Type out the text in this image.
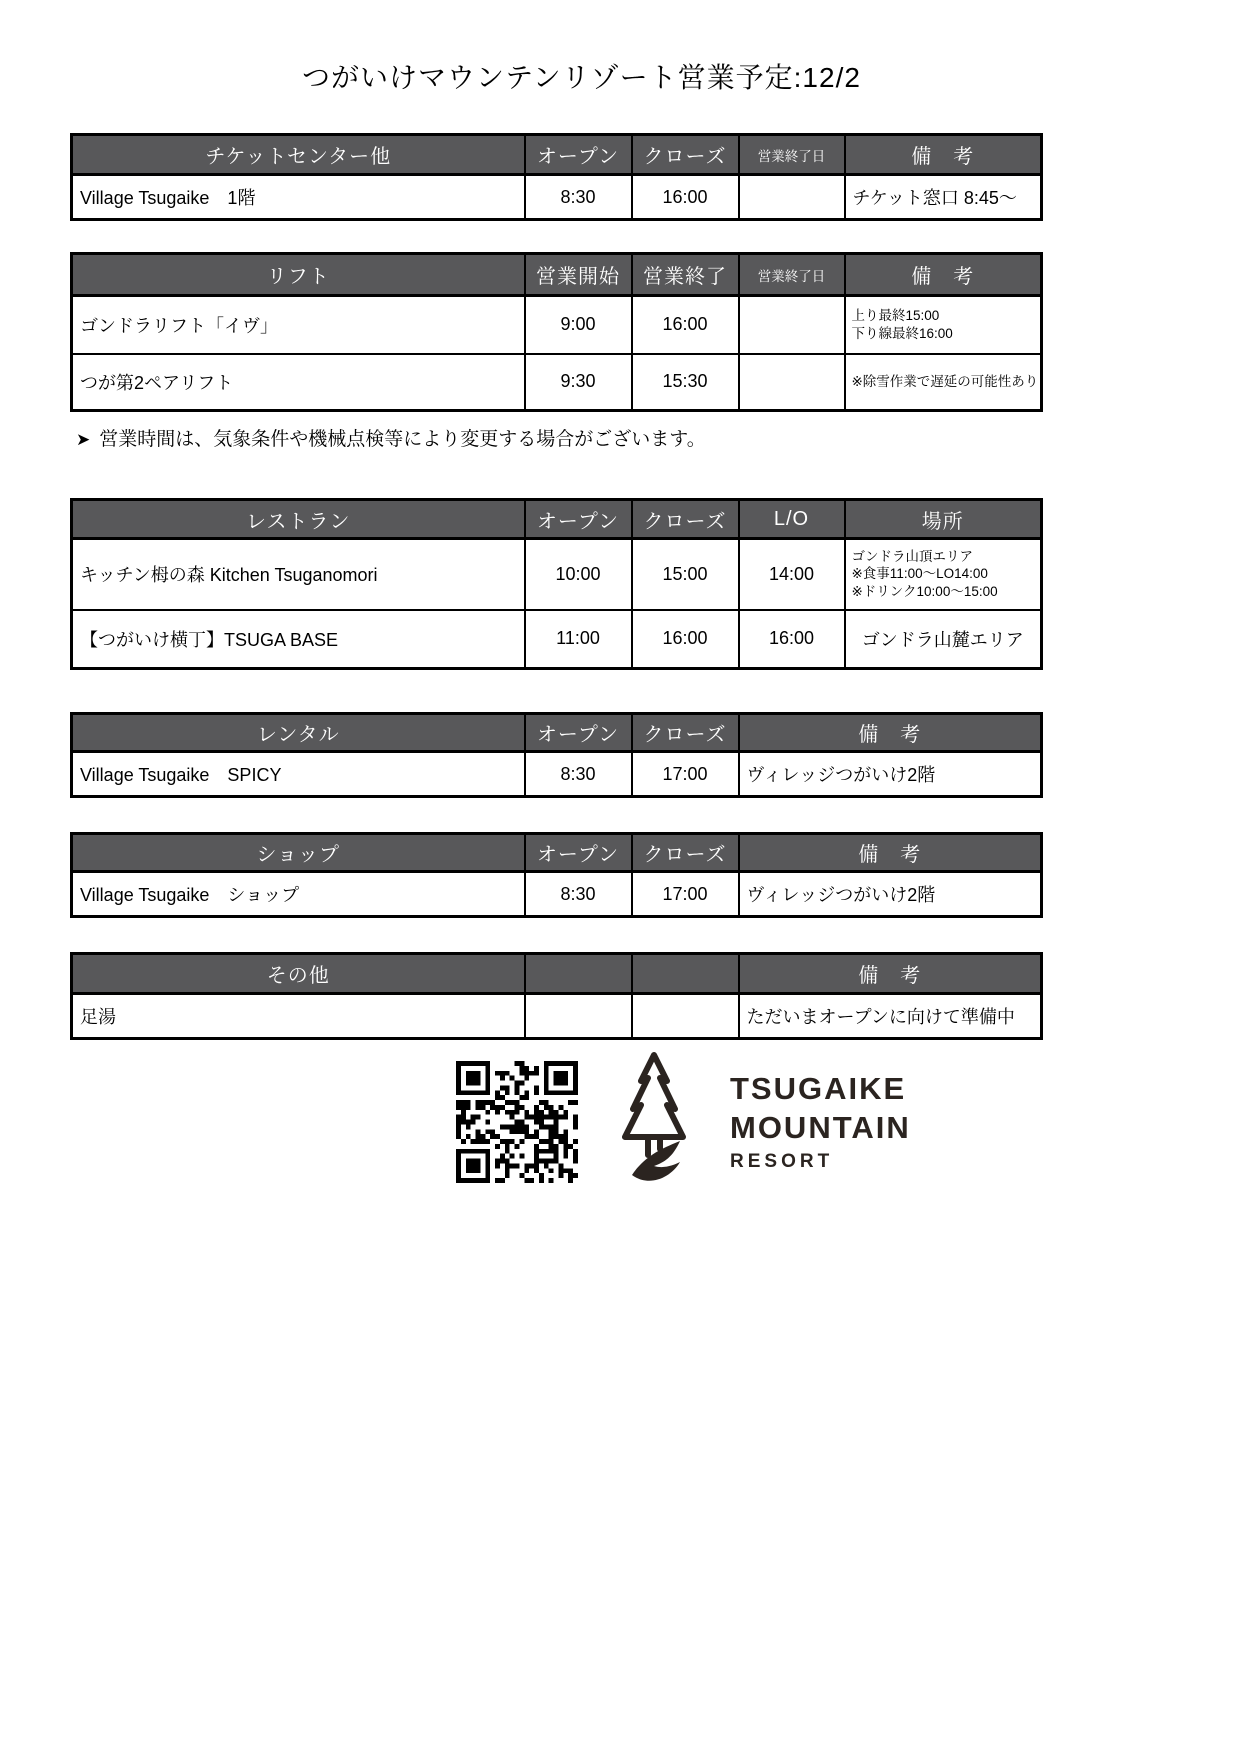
つがいけマウンテンリゾート営業予定:12/2
チケットセンター他	オープン	クローズ	営業終了日	備　考
Village Tsugaike　1階	8:30	16:00		チケット窓口 8:45～
リフト	営業開始	営業終了	営業終了日	備　考
ゴンドラリフト「イヴ」	9:00	16:00		上り最終15:00
下り線最終16:00

つが第2ペアリフト	9:30	15:30		※除雪作業で遅延の可能性あり
➤ 営業時間は、気象条件や機械点検等により変更する場合がございます。
レストラン	オープン	クローズ	L/O	場所
キッチン栂の森 Kitchen Tsuganomori	10:00	15:00	14:00	ゴンドラ山頂エリア
※食事11:00～LO14:00
※ドリンク10:00～15:00

【つがいけ横丁】TSUGA BASE	11:00	16:00	16:00	ゴンドラ山麓エリア
レンタル	オープン	クローズ	備　考
Village Tsugaike　SPICY	8:30	17:00	ヴィレッジつがいけ2階
ショップ	オープン	クローズ	備　考
Village Tsugaike　ショップ	8:30	17:00	ヴィレッジつがいけ2階
その他			備　考
足湯			ただいまオープンに向けて準備中
TSUGAIKE
MOUNTAIN
RESORT
